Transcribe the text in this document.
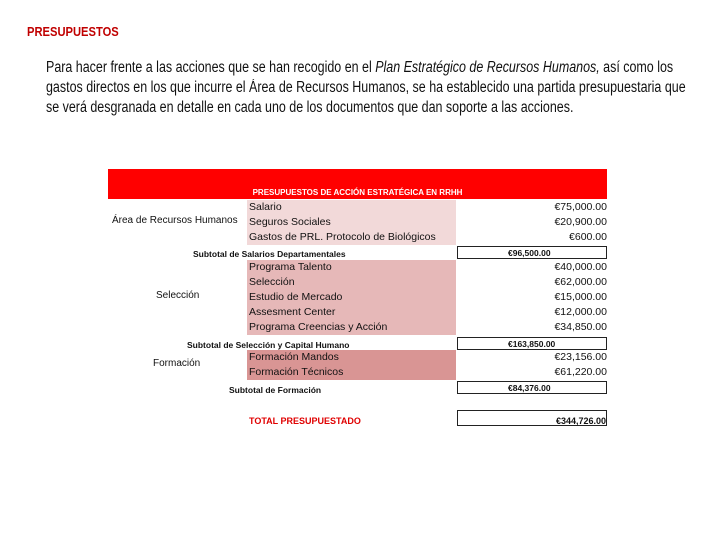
PRESUPUESTOS
Para hacer frente a las acciones que se han recogido en el Plan Estratégico de Recursos Humanos, así como los
gastos directos en los que incurre el Área de Recursos Humanos, se ha establecido una partida presupuestaria que
se verá desgranada en detalle en cada uno de los documentos que dan soporte a las acciones.
PRESUPUESTOS DE ACCIÓN ESTRATÉGICA EN RRHH
Área de Recursos Humanos
Salario	€75,000.00
Seguros Sociales	€20,900.00
Gastos de PRL. Protocolo de Biológicos	€600.00
Subtotal de Salarios Departamentales	€96,500.00
Selección
Programa Talento	€40,000.00
Selección	€62,000.00
Estudio de Mercado	€15,000.00
Assesment Center	€12,000.00
Programa Creencias y Acción	€34,850.00
Subtotal de Selección y Capital Humano	€163,850.00
Formación
Formación Mandos	€23,156.00
Formación Técnicos	€61,220.00
Subtotal de Formación	€84,376.00
TOTAL PRESUPUESTADO	€344,726.00
